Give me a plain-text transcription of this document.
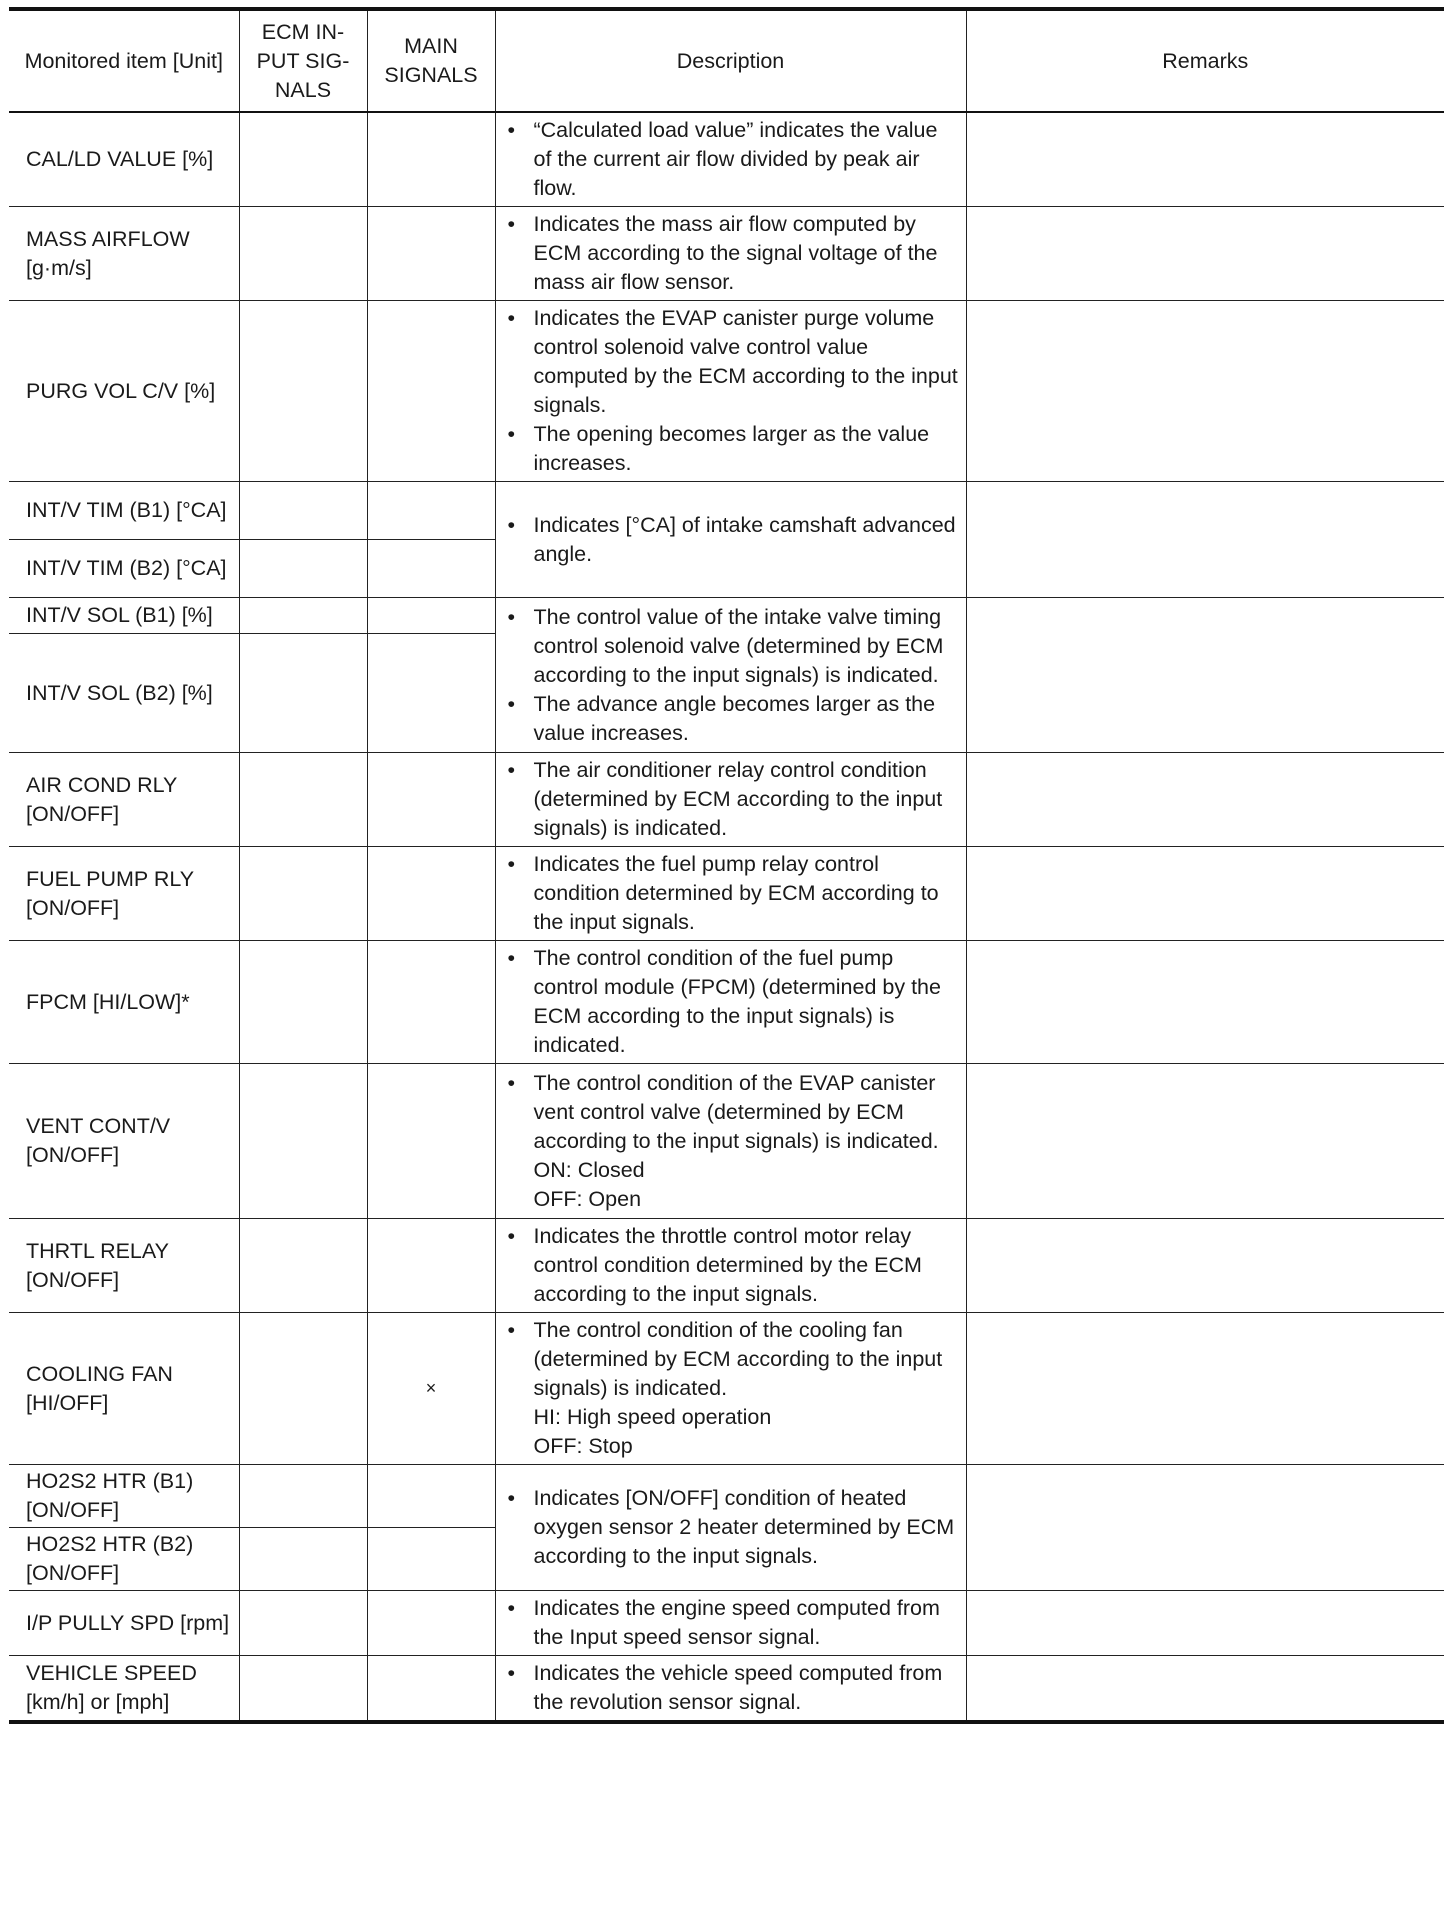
Monitored item [Unit]	ECM IN-PUT SIG-NALS	MAIN SIGNALS	Description	Remarks
CAL/LD VALUE [%]			• “Calculated load value” indicates the value of the current air flow divided by peak air flow.	

MASS AIRFLOW [g·m/s]			• Indicates the mass air flow computed by ECM according to the signal voltage of the mass air flow sensor.	

PURG VOL C/V [%]			• Indicates the EVAP canister purge volume control solenoid valve control value computed by the ECM according to the input signals.
• The opening becomes larger as the value increases.	

INT/V TIM (B1) [°CA]			• Indicates [°CA] of intake camshaft advanced angle.	

INT/V TIM (B2) [°CA]				
INT/V SOL (B1) [%]			• The control value of the intake valve timing control solenoid valve (determined by ECM according to the input signals) is indicated.
• The advance angle becomes larger as the value increases.	

INT/V SOL (B2) [%]				
AIR COND RLY [ON/OFF]			• The air conditioner relay control condition (determined by ECM according to the input signals) is indicated.	

FUEL PUMP RLY [ON/OFF]			• Indicates the fuel pump relay control condition determined by ECM according to the input signals.	

FPCM [HI/LOW]*			• The control condition of the fuel pump control module (FPCM) (determined by the ECM according to the input signals) is indicated.	

VENT CONT/V [ON/OFF]			• The control condition of the EVAP canister vent control valve (determined by ECM according to the input signals) is indicated.
ON: Closed
OFF: Open	

THRTL RELAY [ON/OFF]			• Indicates the throttle control motor relay control condition determined by the ECM according to the input signals.	

COOLING FAN [HI/OFF]		×	• The control condition of the cooling fan (determined by ECM according to the input signals) is indicated.
HI: High speed operation
OFF: Stop	

HO2S2 HTR (B1) [ON/OFF]			• Indicates [ON/OFF] condition of heated oxygen sensor 2 heater determined by ECM according to the input signals.	

HO2S2 HTR (B2) [ON/OFF]				
I/P PULLY SPD [rpm]			• Indicates the engine speed computed from the Input speed sensor signal.	

VEHICLE SPEED [km/h] or [mph]			• Indicates the vehicle speed computed from the revolution sensor signal.	
